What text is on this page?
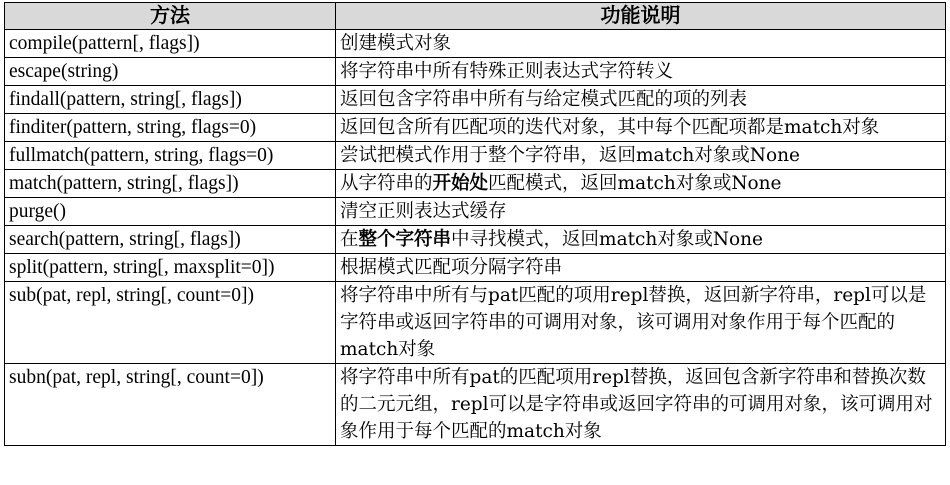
方法	功能说明
compile(pattern[, flags])	创建模式对象
escape(string)	将字符串中所有特殊正则表达式字符转义
findall(pattern, string[, flags])	返回包含字符串中所有与给定模式匹配的项的列表
finditer(pattern, string, flags=0)	返回包含所有匹配项的迭代对象，其中每个匹配项都是match对象
fullmatch(pattern, string, flags=0)	尝试把模式作用于整个字符串，返回match对象或None
match(pattern, string[, flags])	从字符串的开始处匹配模式，返回match对象或None
purge()	清空正则表达式缓存
search(pattern, string[, flags])	在整个字符串中寻找模式，返回match对象或None
split(pattern, string[, maxsplit=0])	根据模式匹配项分隔字符串
sub(pat, repl, string[, count=0])	将字符串中所有与pat匹配的项用repl替换，返回新字符串，repl可以是字符串或返回字符串的可调用对象，该可调用对象作用于每个匹配的match对象
subn(pat, repl, string[, count=0])	将字符串中所有pat的匹配项用repl替换，返回包含新字符串和替换次数的二元元组，repl可以是字符串或返回字符串的可调用对象，该可调用对象作用于每个匹配的match对象
